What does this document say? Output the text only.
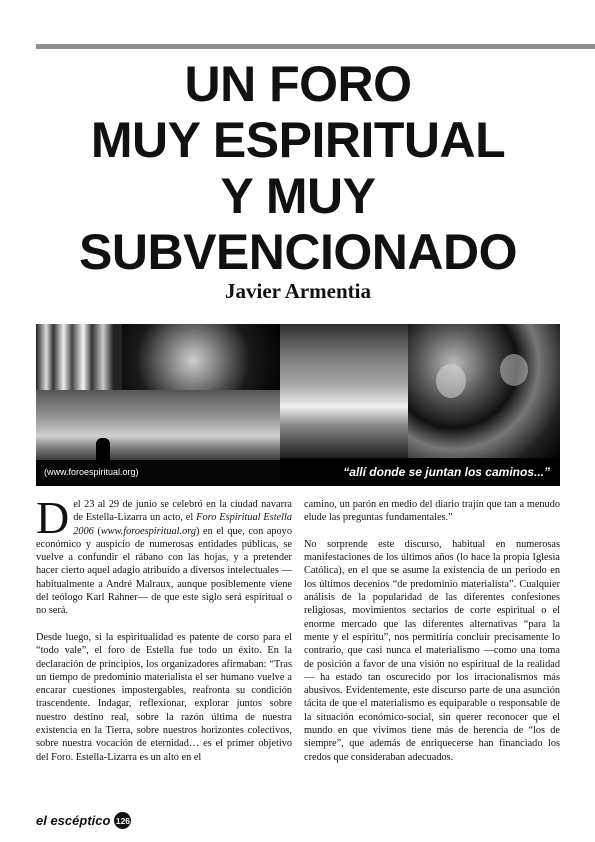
UN FORO
MUY ESPIRITUAL
Y MUY
SUBVENCIONADO
Javier Armentia
(www.foroespiritual.org)	“allí donde se juntan los caminos...”

Del 23 al 29 de junio se celebró en la ciudad navarra de Estella-Lizarra un acto, el Foro Espiritual Estella 2006 (www.foroespiritual.org) en el que, con apoyo económico y auspicio de numerosas entidades públicas, se vuelve a confundir el rábano con las hojas, y a pretender hacer cierto aquel adagio atribuído a diversos intelectuales —habitualmente a André Malraux, aunque posiblemente viene del teólogo Karl Rahner— de que este siglo será espiritual o no será.

Desde luego, si la espiritualidad es patente de corso para el “todo vale”, el foro de Estella fue todo un éxito. En la declaración de principios, los organizadores afirmaban: “Tras un tiempo de predominio materialista el ser humano vuelve a encarar cuestiones impostergables, reafronta su condición trascendente. Indagar, reflexionar, explorar juntos sobre nuestro destino real, sobre la razón última de nuestra existencia en la Tierra, sobre nuestros horizontes colectivos, sobre nuestra vocación de eternidad… es el primer objetivo del Foro. Estella-Lizarra es un alto en el

camino, un parón en medio del diario trajín que tan a menudo elude las preguntas fundamentales.”

No sorprende este discurso, habitual en numerosas manifestaciones de los últimos años (lo hace la propia Iglesia Católica), en el que se asume la existencia de un periodo en los últimos decenios “de predominio materialista”. Cualquier análisis de la popularidad de las diferentes confesiones religiosas, movimientos sectarios de corte espiritual o el enorme mercado que las diferentes alternativas “para la mente y el espíritu”, nos permitiría concluir precisamente lo contrario, que casi nunca el materialismo —como una toma de posición a favor de una visión no espiritual de la realidad— ha estado tan oscurecido por los irracionalismos más abusivos. Evidentemente, este discurso parte de una asunción tácita de que el materialismo es equiparable o responsable de la situación económico-social, sin querer reconocer que el mundo en que vivimos tiene más de herencia de “los de siempre”, que además de enriquecerse han financiado los credos que consideraban adecuados.

el escéptico 126
